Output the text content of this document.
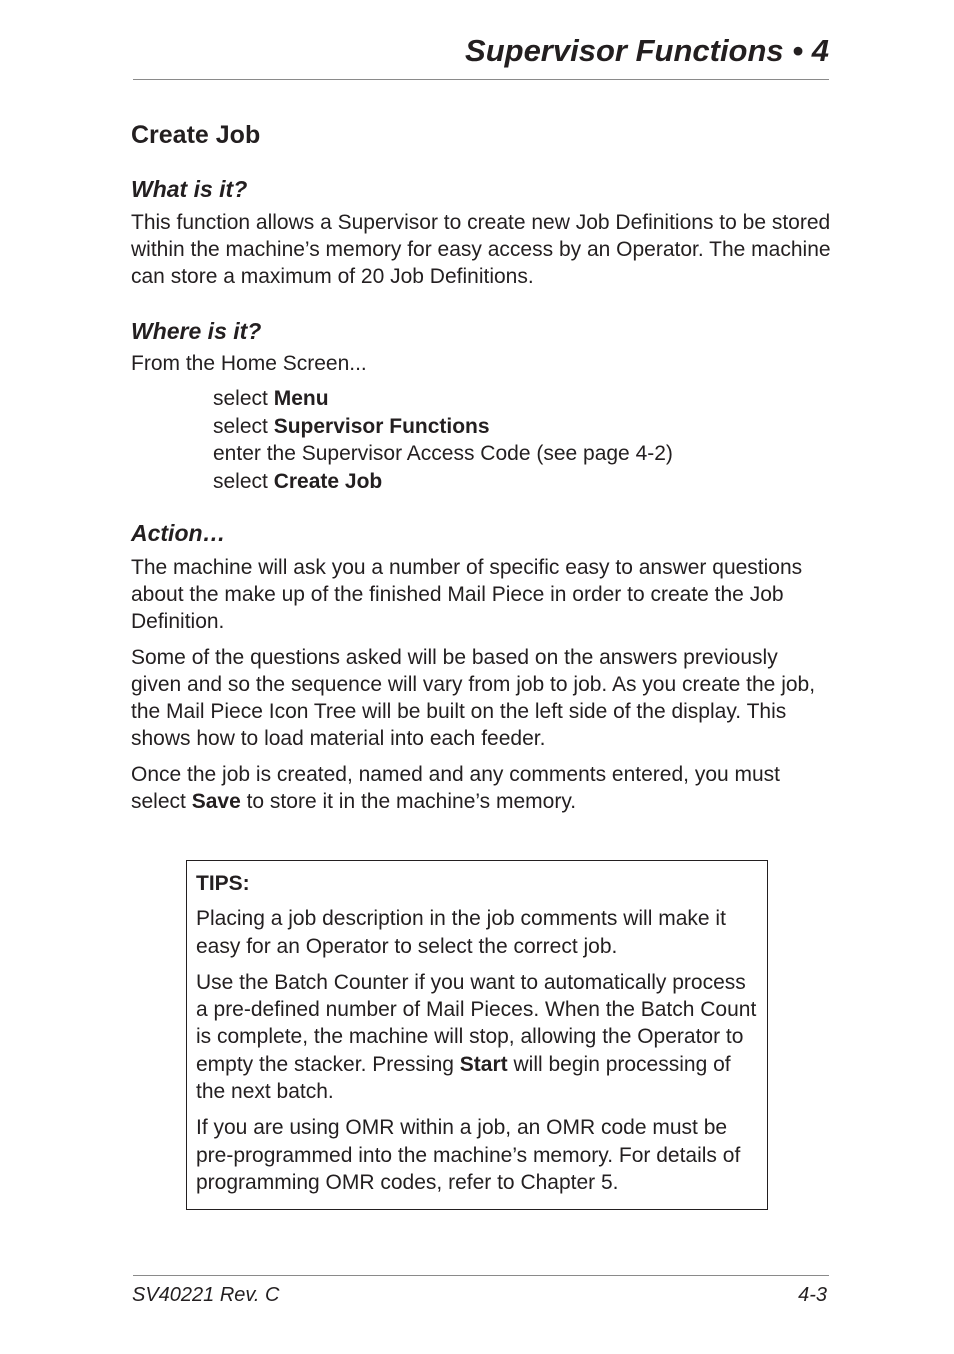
Supervisor Functions • 4
Create Job
What is it?

This function allows a Supervisor to create new Job Definitions to be stored within the machine’s memory for easy access by an Operator. The machine can store a maximum of 20 Job Definitions.

Where is it?

From the Home Screen...

select Menu
select Supervisor Functions
enter the Supervisor Access Code (see page 4-2)
select Create Job
Action…

The machine will ask you a number of specific easy to answer questions about the make up of the finished Mail Piece in order to create the Job Definition.

Some of the questions asked will be based on the answers previously given and so the sequence will vary from job to job. As you create the job, the Mail Piece Icon Tree will be built on the left side of the display. This shows how to load material into each feeder.

Once the job is created, named and any comments entered, you must select Save to store it in the machine’s memory.

TIPS:

Placing a job description in the job comments will make it easy for an Operator to select the correct job.

Use the Batch Counter if you want to automatically process a pre-defined number of Mail Pieces. When the Batch Count is complete, the machine will stop, allowing the Operator to empty the stacker. Pressing Start will begin processing of the next batch.

If you are using OMR within a job, an OMR code must be pre-programmed into the machine’s memory. For details of programming OMR codes, refer to Chapter 5.

SV40221 Rev. C	4-3
